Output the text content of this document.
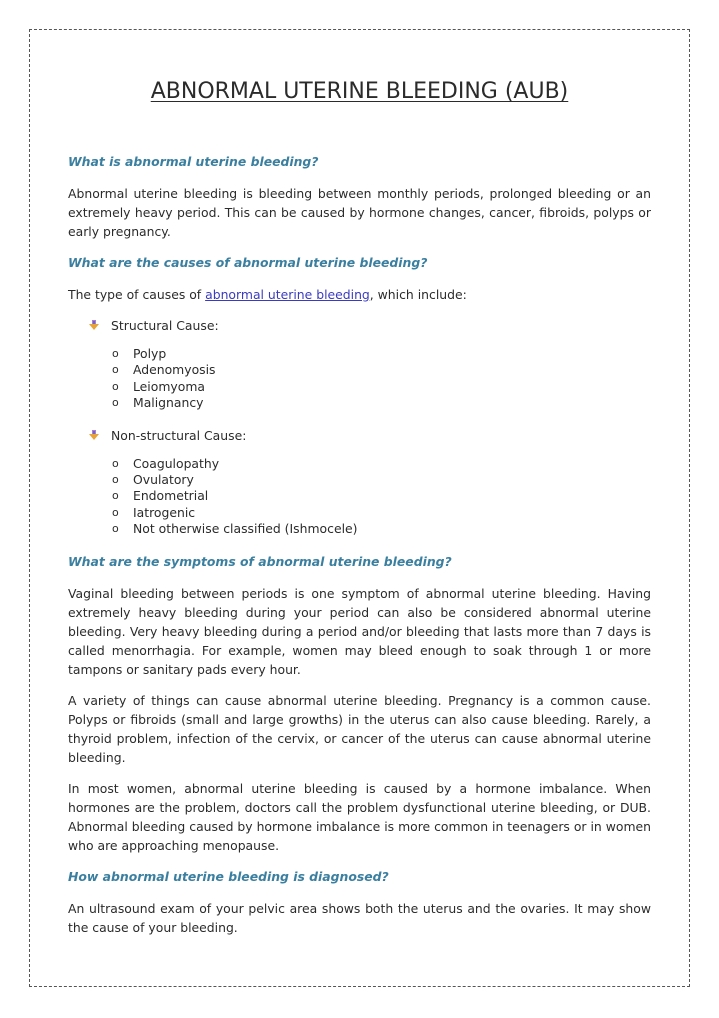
ABNORMAL UTERINE BLEEDING (AUB)

What is abnormal uterine bleeding?

Abnormal uterine bleeding is bleeding between monthly periods, prolonged bleeding or an extremely heavy period. This can be caused by hormone changes, cancer, fibroids, polyps or early pregnancy.

What are the causes of abnormal uterine bleeding?

The type of causes of abnormal uterine bleeding, which include:

Structural Cause:
o Polyp
o Adenomyosis
o Leiomyoma
o Malignancy
Non-structural Cause:
o Coagulopathy
o Ovulatory
o Endometrial
o Iatrogenic
o Not otherwise classified (Ishmocele)

What are the symptoms of abnormal uterine bleeding?

Vaginal bleeding between periods is one symptom of abnormal uterine bleeding. Having extremely heavy bleeding during your period can also be considered abnormal uterine bleeding. Very heavy bleeding during a period and/or bleeding that lasts more than 7 days is called menorrhagia. For example, women may bleed enough to soak through 1 or more tampons or sanitary pads every hour.

A variety of things can cause abnormal uterine bleeding. Pregnancy is a common cause. Polyps or fibroids (small and large growths) in the uterus can also cause bleeding. Rarely, a thyroid problem, infection of the cervix, or cancer of the uterus can cause abnormal uterine bleeding.

In most women, abnormal uterine bleeding is caused by a hormone imbalance. When hormones are the problem, doctors call the problem dysfunctional uterine bleeding, or DUB. Abnormal bleeding caused by hormone imbalance is more common in teenagers or in women who are approaching menopause.

How abnormal uterine bleeding is diagnosed?

An ultrasound exam of your pelvic area shows both the uterus and the ovaries. It may show the cause of your bleeding.
